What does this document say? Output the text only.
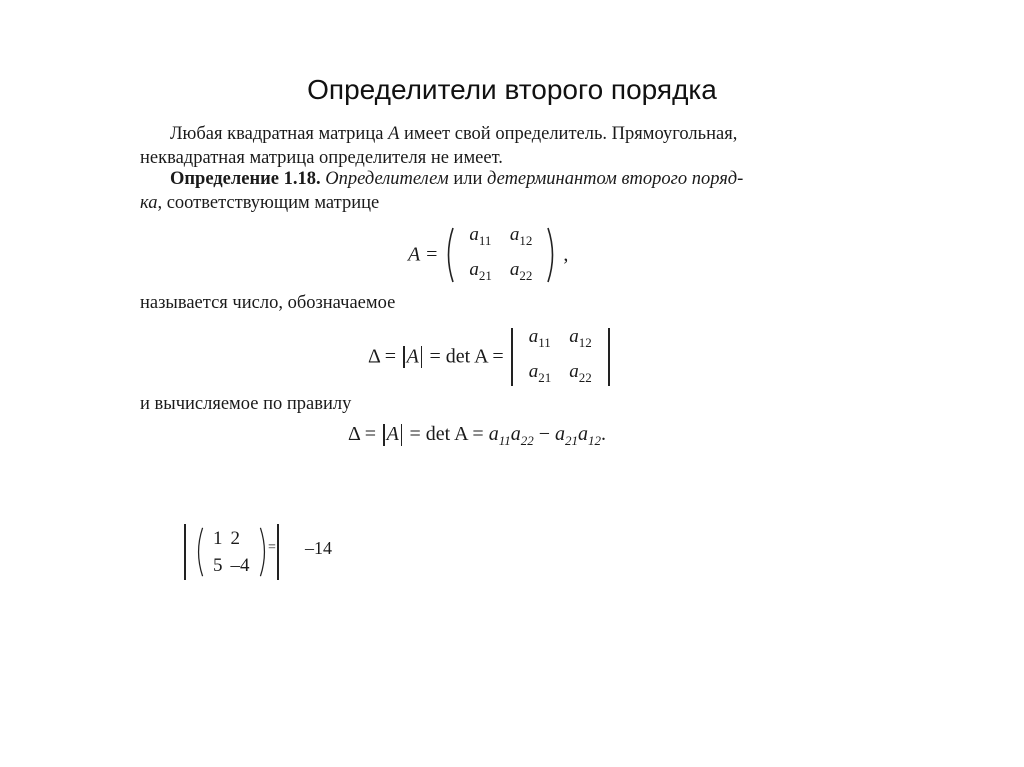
Определители второго порядка
Любая квадратная матрица A имеет свой определитель. Прямоугольная,
неквадратная матрица определителя не имеет.
Определение 1.18. Определителем или детерминантом второго поряд-
ка, соответствующим матрице
A =
$a_{11}$	$a_{12}$
$a_{21}$	$a_{22}$
,
называется число, обозначаемое
Δ = A = det A =
$a_{11}$	$a_{12}$
$a_{21}$	$a_{22}$

и вычисляемое по правилу
$\Delta = A = \det A = a_{11}a_{22} - a_{21}a_{12}$.

1	2
5	–4

= –14
